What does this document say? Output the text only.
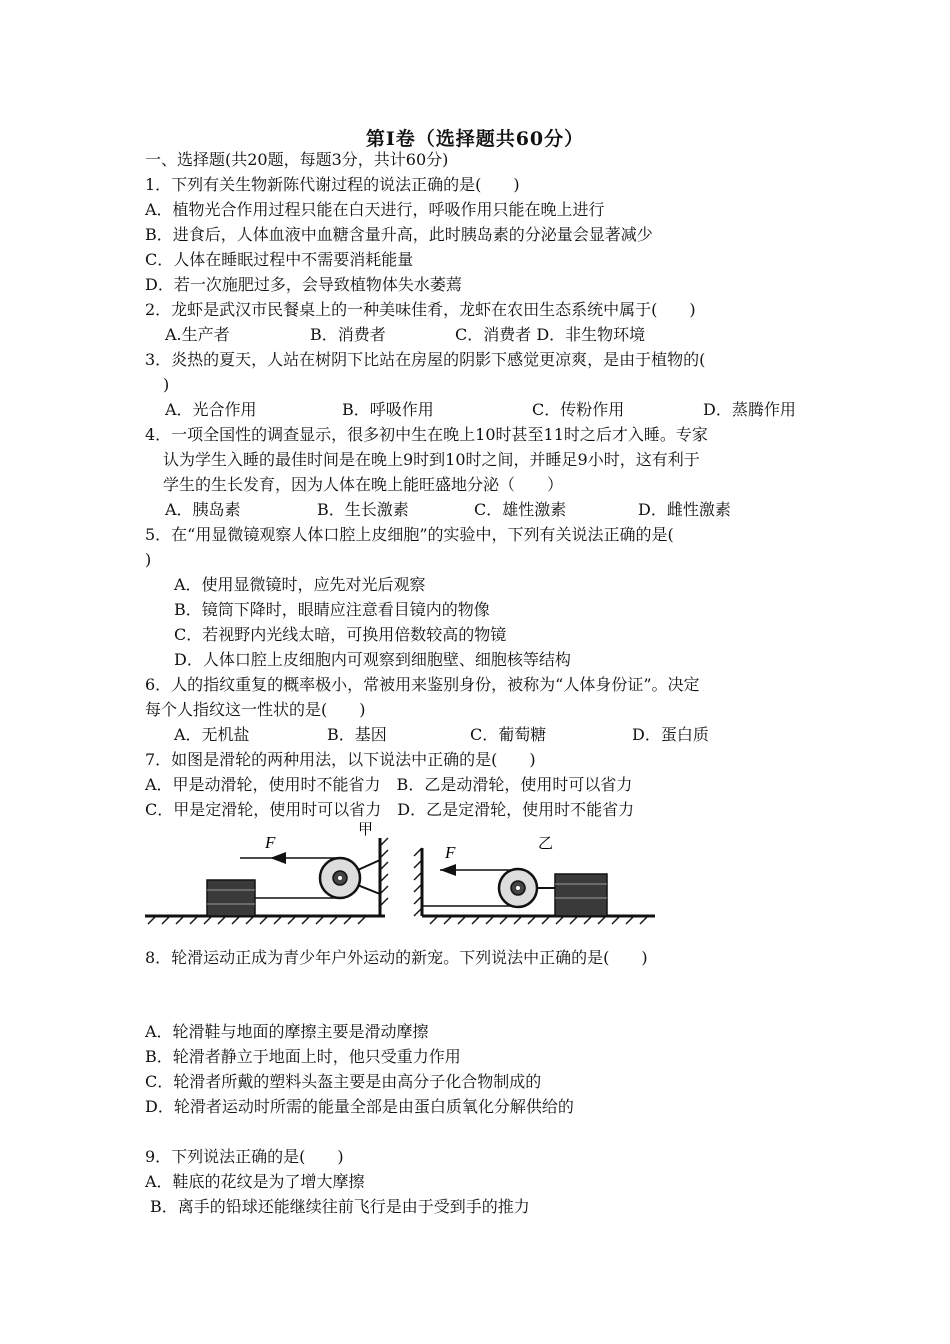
第Ⅰ卷（选择题共60分）
一、选择题(共20题，每题3分，共计60分)
1．下列有关生物新陈代谢过程的说法正确的是(　　)
A．植物光合作用过程只能在白天进行，呼吸作用只能在晚上进行
B．进食后，人体血液中血糖含量升高，此时胰岛素的分泌量会显著减少
C．人体在睡眠过程中不需要消耗能量
D．若一次施肥过多，会导致植物体失水萎蔫
2．龙虾是武汉市民餐桌上的一种美味佳肴，龙虾在农田生态系统中属于(　　)
A.生产者	B．消费者	C．消费者 D．非生物环境
3．炎热的夏天，人站在树阴下比站在房屋的阴影下感觉更凉爽，是由于植物的(
)
A．光合作用	B．呼吸作用	C．传粉作用	D．蒸腾作用
4．一项全国性的调查显示，很多初中生在晚上10时甚至11时之后才入睡。专家
认为学生入睡的最佳时间是在晚上9时到10时之间，并睡足9小时，这有利于
学生的生长发育，因为人体在晚上能旺盛地分泌（　　）
A．胰岛素	B．生长激素	C．雄性激素	D．雌性激素
5．在“用显微镜观察人体口腔上皮细胞”的实验中，下列有关说法正确的是(
)
A．使用显微镜时，应先对光后观察
B．镜筒下降时，眼睛应注意看目镜内的物像
C．若视野内光线太暗，可换用倍数较高的物镜
D．人体口腔上皮细胞内可观察到细胞壁、细胞核等结构
6．人的指纹重复的概率极小，常被用来鉴别身份，被称为“人体身份证”。决定
每个人指纹这一性状的是(　　)
A．无机盐	B．基因	C．葡萄糖	D．蛋白质
7．如图是滑轮的两种用法，以下说法中正确的是(　　)
A．甲是动滑轮，使用时不能省力　B．乙是动滑轮，使用时可以省力
C．甲是定滑轮，使用时可以省力　D．乙是定滑轮，使用时不能省力
F
甲
F	乙
8．轮滑运动正成为青少年户外运动的新宠。下列说法中正确的是(　　)
A．轮滑鞋与地面的摩擦主要是滑动摩擦
B．轮滑者静立于地面上时，他只受重力作用
C．轮滑者所戴的塑料头盔主要是由高分子化合物制成的
D．轮滑者运动时所需的能量全部是由蛋白质氧化分解供给的
9．下列说法正确的是(　　)
A．鞋底的花纹是为了增大摩擦
B．离手的铅球还能继续往前飞行是由于受到手的推力
